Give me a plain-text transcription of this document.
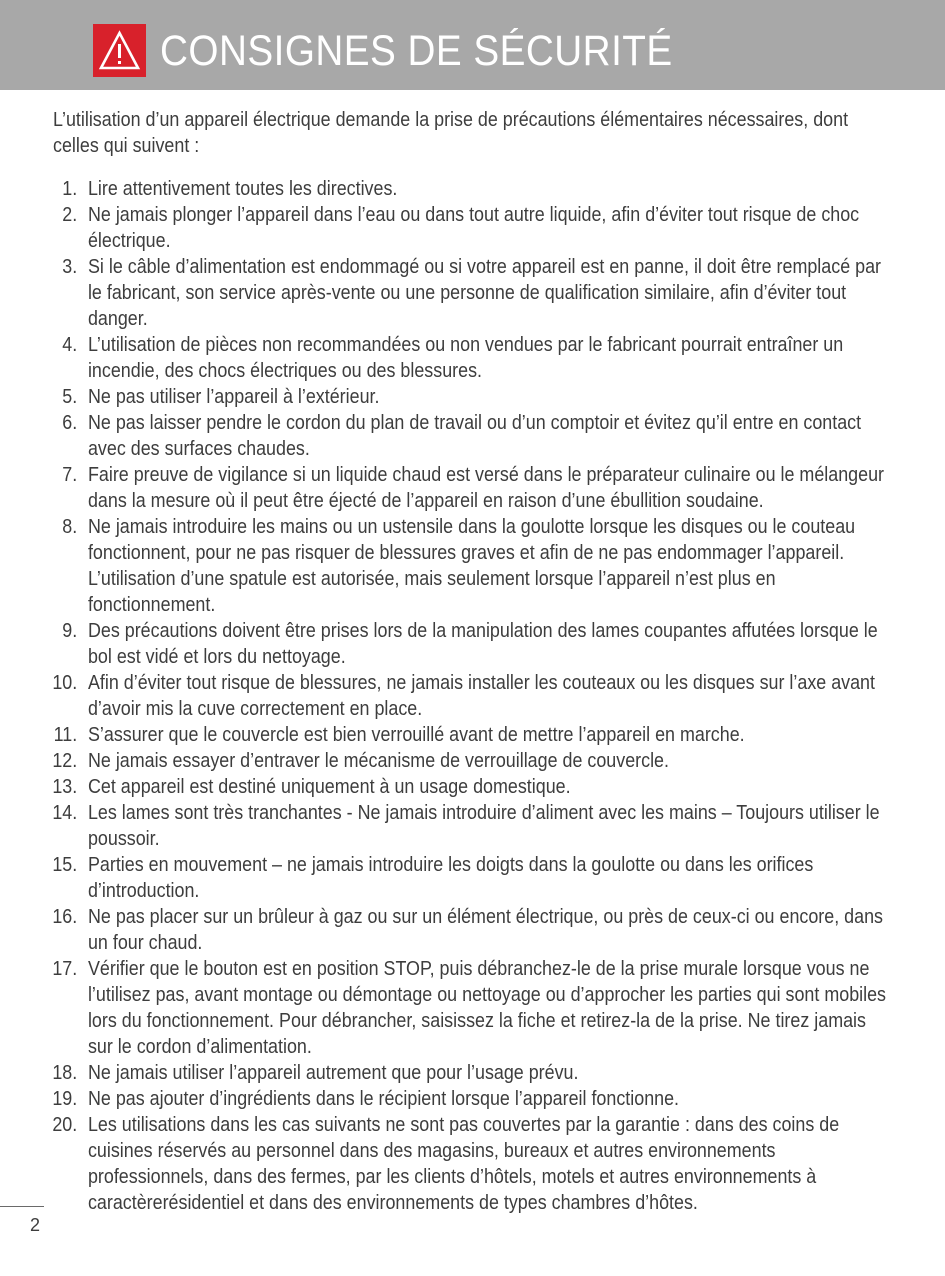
CONSIGNES DE SÉCURITÉ

L’utilisation d’un appareil électrique demande la prise de précautions élémentaires nécessaires, dont celles qui suivent :

1. Lire attentivement toutes les directives.
2. Ne jamais plonger l’appareil dans l’eau ou dans tout autre liquide, afin d’éviter tout risque de choc électrique.
3. Si le câble d’alimentation est endommagé ou si votre appareil est en panne, il doit être remplacé par le fabricant, son service après-vente ou une personne de qualification similaire, afin d’éviter tout danger.
4. L’utilisation de pièces non recommandées ou non vendues par le fabricant pourrait entraîner un incendie, des chocs électriques ou des blessures.
5. Ne pas utiliser l’appareil à l’extérieur.
6. Ne pas laisser pendre le cordon du plan de travail ou d’un comptoir et évitez qu’il entre en contact avec des surfaces chaudes.
7. Faire preuve de vigilance si un liquide chaud est versé dans le préparateur culinaire ou le mélangeur dans la mesure où il peut être éjecté de l’appareil en raison d’une ébullition soudaine.
8. Ne jamais introduire les mains ou un ustensile dans la goulotte lorsque les disques ou le couteau fonctionnent, pour ne pas risquer de blessures graves et afin de ne pas endommager l’appareil. L’utilisation d’une spatule est autorisée, mais seulement lorsque l’appareil n’est plus en fonctionnement.
9. Des précautions doivent être prises lors de la manipulation des lames coupantes affutées lorsque le bol est vidé et lors du nettoyage.
10. Afin d’éviter tout risque de blessures, ne jamais installer les couteaux ou les disques sur l’axe avant d’avoir mis la cuve correctement en place.
11. S’assurer que le couvercle est bien verrouillé avant de mettre l’appareil en marche.
12. Ne jamais essayer d’entraver le mécanisme de verrouillage de couvercle.
13. Cet appareil est destiné uniquement à un usage domestique.
14. Les lames sont très tranchantes - Ne jamais introduire d’aliment avec les mains – Toujours utiliser le poussoir.
15. Parties en mouvement – ne jamais introduire les doigts dans la goulotte ou dans les orifices d’introduction.
16. Ne pas placer sur un brûleur à gaz ou sur un élément électrique, ou près de ceux-ci ou encore, dans un four chaud.
17. Vérifier que le bouton est en position STOP, puis débranchez-le de la prise murale lorsque vous ne l’utilisez pas, avant montage ou démontage ou nettoyage ou d’approcher les parties qui sont mobiles lors du fonctionnement. Pour débrancher, saisissez la fiche et retirez-la de la prise. Ne tirez jamais sur le cordon d’alimentation.
18. Ne jamais utiliser l’appareil autrement que pour l’usage prévu.
19. Ne pas ajouter d’ingrédients dans le récipient lorsque l’appareil fonctionne.
20. Les utilisations dans les cas suivants ne sont pas couvertes par la garantie : dans des coins de cuisines réservés au personnel dans des magasins, bureaux et autres environnements professionnels, dans des fermes, par les clients d’hôtels, motels et autres environnements à caractèrerésidentiel et dans des environnements de types chambres d’hôtes.
2
